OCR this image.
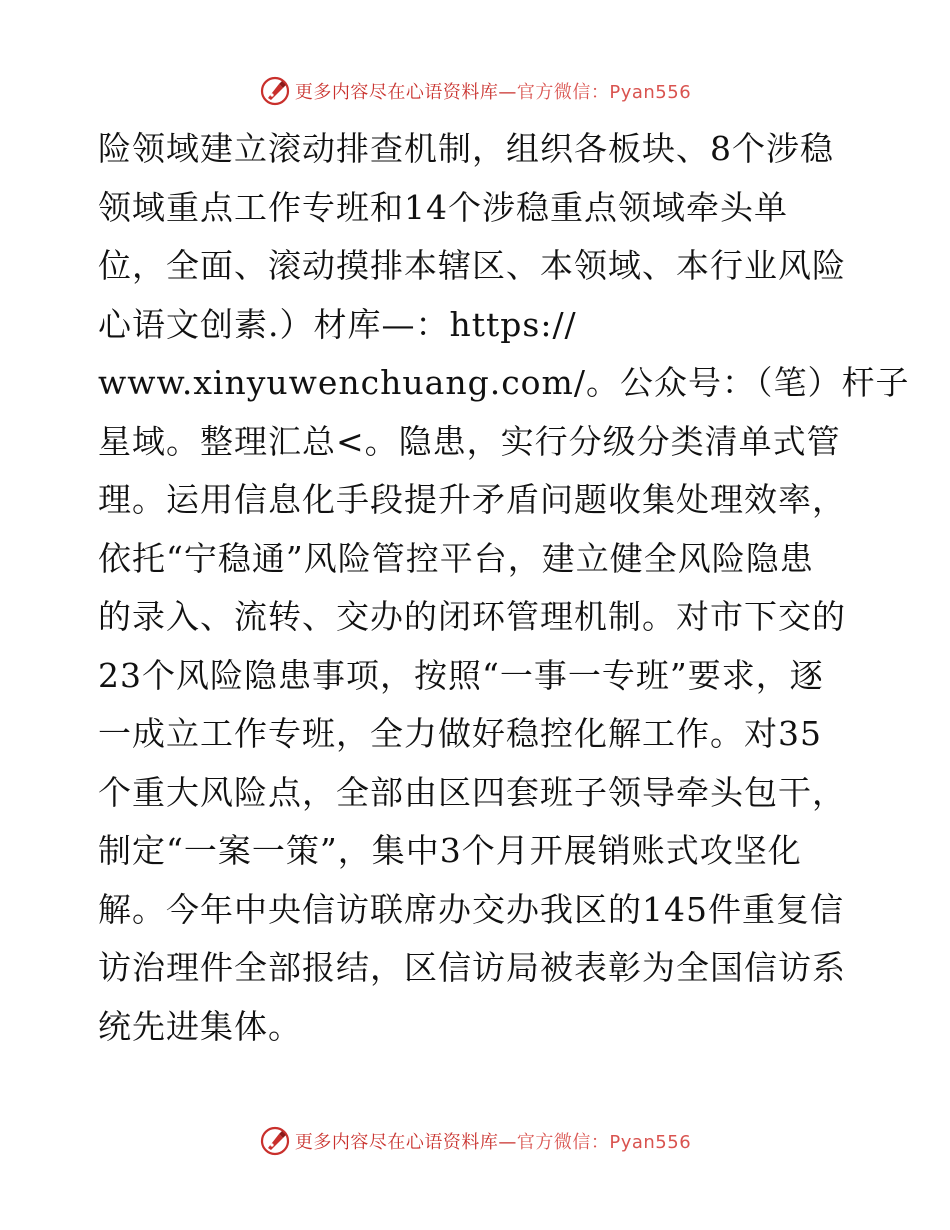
更多内容尽在心语资料库—官方微信：Pyan556
险领域建立滚动排查机制，组织各板块、8个涉稳
领域重点工作专班和14个涉稳重点领域牵头单
位，全面、滚动摸排本辖区、本领域、本行业风险
心语文创素.）材库—：https://
www.xinyuwenchuang.com/。公众号：（笔）杆子
星域。整理汇总<。隐患，实行分级分类清单式管
理。运用信息化手段提升矛盾问题收集处理效率，
依托“宁稳通”风险管控平台，建立健全风险隐患
的录入、流转、交办的闭环管理机制。对市下交的
23个风险隐患事项，按照“一事一专班”要求，逐
一成立工作专班，全力做好稳控化解工作。对35
个重大风险点，全部由区四套班子领导牵头包干，
制定“一案一策”，集中3个月开展销账式攻坚化
解。今年中央信访联席办交办我区的145件重复信
访治理件全部报结，区信访局被表彰为全国信访系
统先进集体。
更多内容尽在心语资料库—官方微信：Pyan556
